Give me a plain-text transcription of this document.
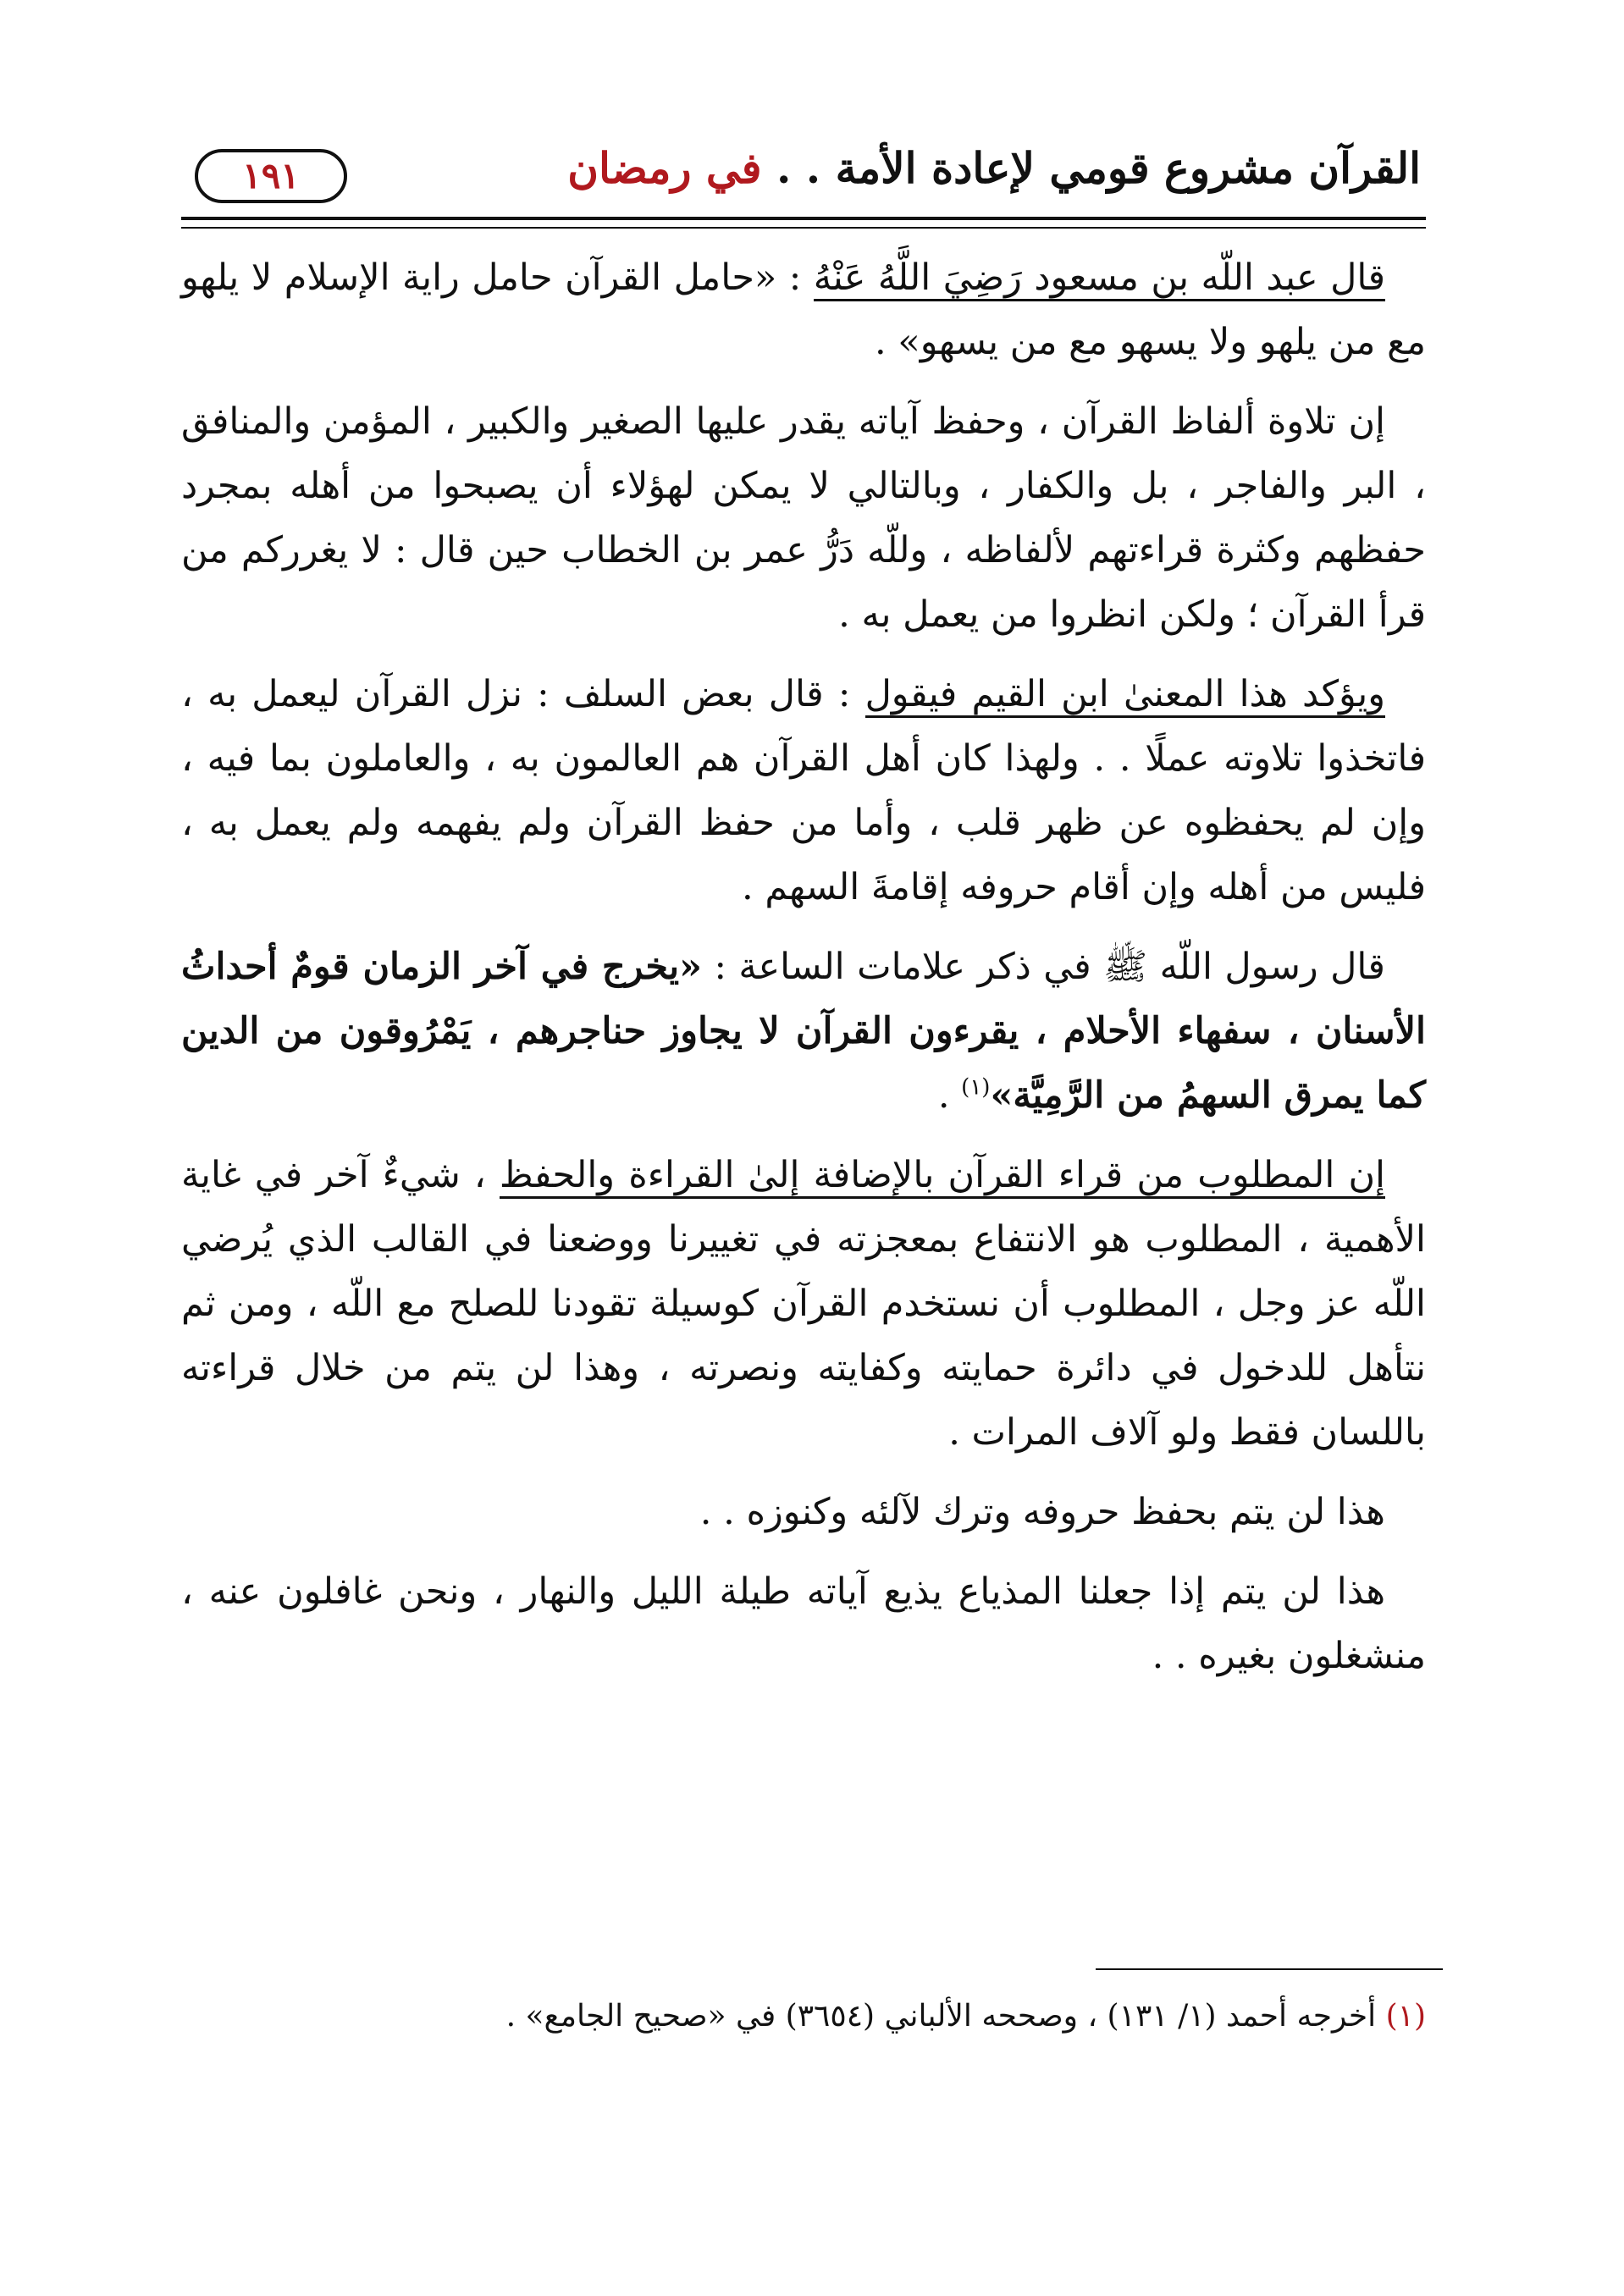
القرآن مشروع قومي لإعادة الأمة . . في رمضان
١٩١

قال عبد اللّه بن مسعود رَضِيَ اللَّهُ عَنْهُ : «حامل القرآن حامل راية الإسلام لا يلهو مع من يلهو ولا يسهو مع من يسهو» .

إن تلاوة ألفاظ القرآن ، وحفظ آياته يقدر عليها الصغير والكبير ، المؤمن والمنافق ، البر والفاجر ، بل والكفار ، وبالتالي لا يمكن لهؤلاء أن يصبحوا من أهله بمجرد حفظهم وكثرة قراءتهم لألفاظه ، وللّه دَرُّ عمر بن الخطاب حين قال : لا يغرركم من قرأ القرآن ؛ ولكن انظروا من يعمل به .

ويؤكد هذا المعنىٰ ابن القيم فيقول : قال بعض السلف : نزل القرآن ليعمل به ، فاتخذوا تلاوته عملًا . . ولهذا كان أهل القرآن هم العالمون به ، والعاملون بما فيه ، وإن لم يحفظوه عن ظهر قلب ، وأما من حفظ القرآن ولم يفهمه ولم يعمل به ، فليس من أهله وإن أقام حروفه إقامةَ السهم .

قال رسول اللّه ﷺ في ذكر علامات الساعة : «يخرج في آخر الزمان قومٌ أحداثُ الأسنان ، سفهاء الأحلام ، يقرءون القرآن لا يجاوز حناجرهم ، يَمْرُوقون من الدين كما يمرق السهمُ من الرَّمِيَّة»$^{(١)}$ .

إن المطلوب من قراء القرآن بالإضافة إلىٰ القراءة والحفظ ، شيءٌ آخر في غاية الأهمية ، المطلوب هو الانتفاع بمعجزته في تغييرنا ووضعنا في القالب الذي يُرضي اللّه عز وجل ، المطلوب أن نستخدم القرآن كوسيلة تقودنا للصلح مع اللّه ، ومن ثم نتأهل للدخول في دائرة حمايته وكفايته ونصرته ، وهذا لن يتم من خلال قراءته باللسان فقط ولو آلاف المرات .

هذا لن يتم بحفظ حروفه وترك لآلئه وكنوزه . .

هذا لن يتم إذا جعلنا المذياع يذيع آياته طيلة الليل والنهار ، ونحن غافلون عنه ، منشغلون بغيره . .

(١) أخرجه أحمد (١/ ١٣١) ، وصححه الألباني (٣٦٥٤) في «صحيح الجامع» .
